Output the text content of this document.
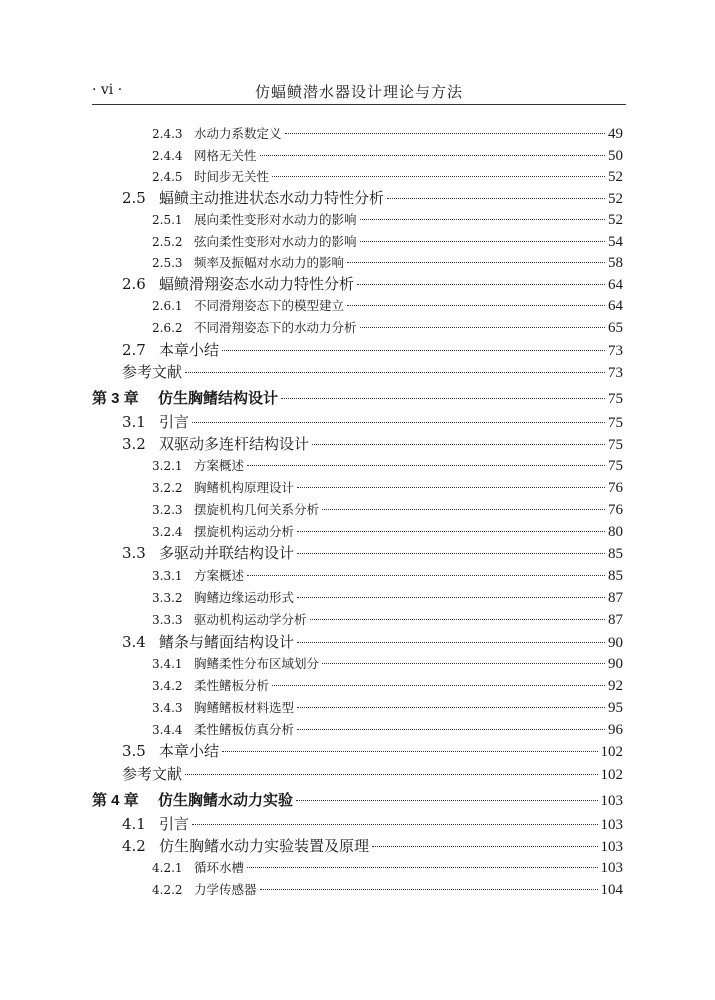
· vi ·	仿蝠鲼潜水器设计理论与方法
2.4.3 水动力系数定义	49
2.4.4 网格无关性	50
2.4.5 时间步无关性	52
2.5 蝠鲼主动推进状态水动力特性分析	52
2.5.1 展向柔性变形对水动力的影响	52
2.5.2 弦向柔性变形对水动力的影响	54
2.5.3 频率及振幅对水动力的影响	58
2.6 蝠鲼滑翔姿态水动力特性分析	64
2.6.1 不同滑翔姿态下的模型建立	64
2.6.2 不同滑翔姿态下的水动力分析	65
2.7 本章小结	73
参考文献	73
第 3 章	仿生胸鳍结构设计	75
3.1 引言	75
3.2 双驱动多连杆结构设计	75
3.2.1 方案概述	75
3.2.2 胸鳍机构原理设计	76
3.2.3 摆旋机构几何关系分析	76
3.2.4 摆旋机构运动分析	80
3.3 多驱动并联结构设计	85
3.3.1 方案概述	85
3.3.2 胸鳍边缘运动形式	87
3.3.3 驱动机构运动学分析	87
3.4 鳍条与鳍面结构设计	90
3.4.1 胸鳍柔性分布区域划分	90
3.4.2 柔性鳍板分析	92
3.4.3 胸鳍鳍板材料选型	95
3.4.4 柔性鳍板仿真分析	96
3.5 本章小结	102
参考文献	102
第 4 章	仿生胸鳍水动力实验	103
4.1 引言	103
4.2 仿生胸鳍水动力实验装置及原理	103
4.2.1 循环水槽	103
4.2.2 力学传感器	104
